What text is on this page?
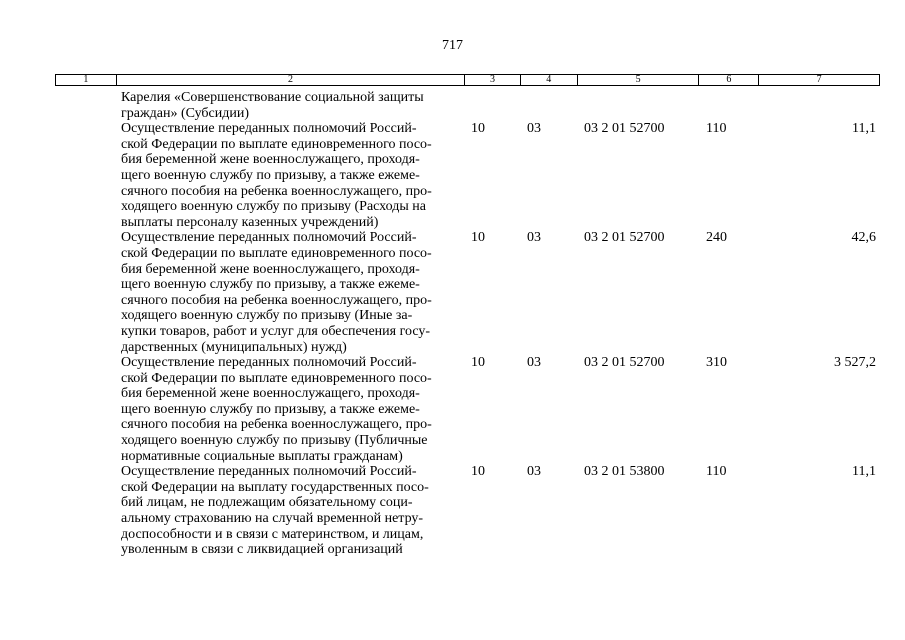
717
1	2	3	4	5	6	7
Карелия «Совершенствование социальной защиты
граждан» (Субсидии)
Осуществление переданных полномочий Россий-
ской Федерации по выплате единовременного посо-
бия беременной жене военнослужащего, проходя-
щего военную службу по призыву, а также ежеме-
сячного пособия на ребенка военнослужащего, про-
ходящего военную службу по призыву (Расходы на
выплаты персоналу казенных учреждений)
10	03	03 2 01 52700	110	11,1
Осуществление переданных полномочий Россий-
ской Федерации по выплате единовременного посо-
бия беременной жене военнослужащего, проходя-
щего военную службу по призыву, а также ежеме-
сячного пособия на ребенка военнослужащего, про-
ходящего военную службу по призыву (Иные за-
купки товаров, работ и услуг для обеспечения госу-
дарственных (муниципальных) нужд)
10	03	03 2 01 52700	240	42,6
Осуществление переданных полномочий Россий-
ской Федерации по выплате единовременного посо-
бия беременной жене военнослужащего, проходя-
щего военную службу по призыву, а также ежеме-
сячного пособия на ребенка военнослужащего, про-
ходящего военную службу по призыву (Публичные
нормативные социальные выплаты гражданам)
10	03	03 2 01 52700	310	3 527,2
Осуществление переданных полномочий Россий-
ской Федерации на выплату государственных посо-
бий лицам, не подлежащим обязательному соци-
альному страхованию на случай временной нетру-
доспособности и в связи с материнством, и лицам,
уволенным в связи с ликвидацией организаций
10	03	03 2 01 53800	110	11,1
